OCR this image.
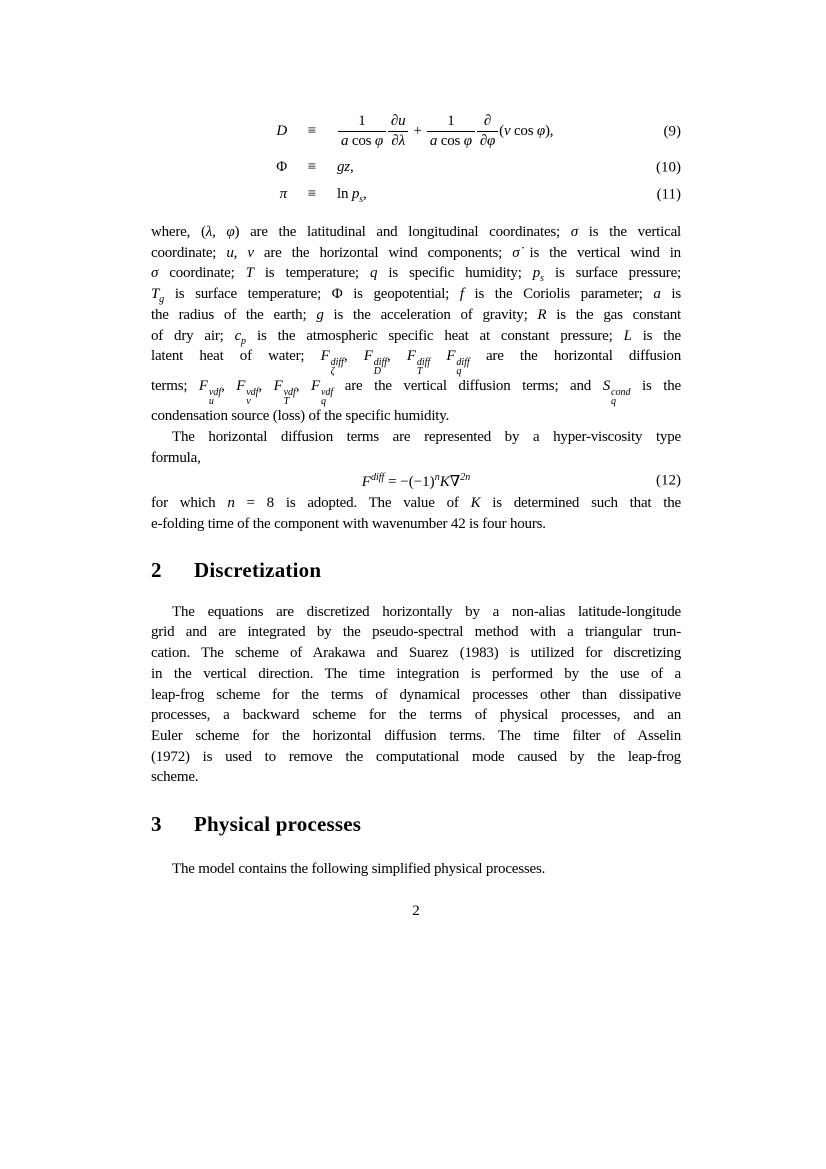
D	≡	$\frac{1}{\text{a cos φ}} \frac{\partial u}{\partial\lambda} + \frac{1}{\text{a cos φ}} \frac{\partial}{\partial\varphi} (v$ cos φ),	(9)
Φ	≡	gz,	(10)
π	≡	$\ln p_s$,	(11)
where, (λ, φ) are the latitudinal and longitudinal coordinates; σ is the vertical
coordinate; u, v are the horizontal wind components; σ̇ is the vertical wind in
σ coordinate; T is temperature; q is specific humidity; $p_s$ is surface pressure;
$T_g$ is surface temperature; Φ is geopotential; f is the Coriolis parameter; a is
the radius of the earth; g is the acceleration of gravity; R is the gas constant
of dry air; $c_p$ is the atmospheric specific heat at constant pressure; L is the
latent heat of water; F diff
ζ
, F diff
D
, F diff
T
F diff
q
are the horizontal diffusion
terms; F vdf
u
, F vdf
v
, F vdf
T
, F vdf
q
are the vertical diffusion terms; and S cond
q
is the
condensation source (loss) of the specific humidity.
The horizontal diffusion terms are represented by a hyper-viscosity type
formula,
$F^{diff} = -(-1)^nK\nabla^{2n}$	(12)
for which n = 8 is adopted. The value of K is determined such that the
e-folding time of the component with wavenumber 42 is four hours.
2	Discretization
The equations are discretized horizontally by a non-alias latitude-longitude
grid and are integrated by the pseudo-spectral method with a triangular trun-
cation. The scheme of Arakawa and Suarez (1983) is utilized for discretizing
in the vertical direction. The time integration is performed by the use of a
leap-frog scheme for the terms of dynamical processes other than dissipative
processes, a backward scheme for the terms of physical processes, and an
Euler scheme for the horizontal diffusion terms. The time filter of Asselin
(1972) is used to remove the computational mode caused by the leap-frog
scheme.
3	Physical processes
The model contains the following simplified physical processes.
2
